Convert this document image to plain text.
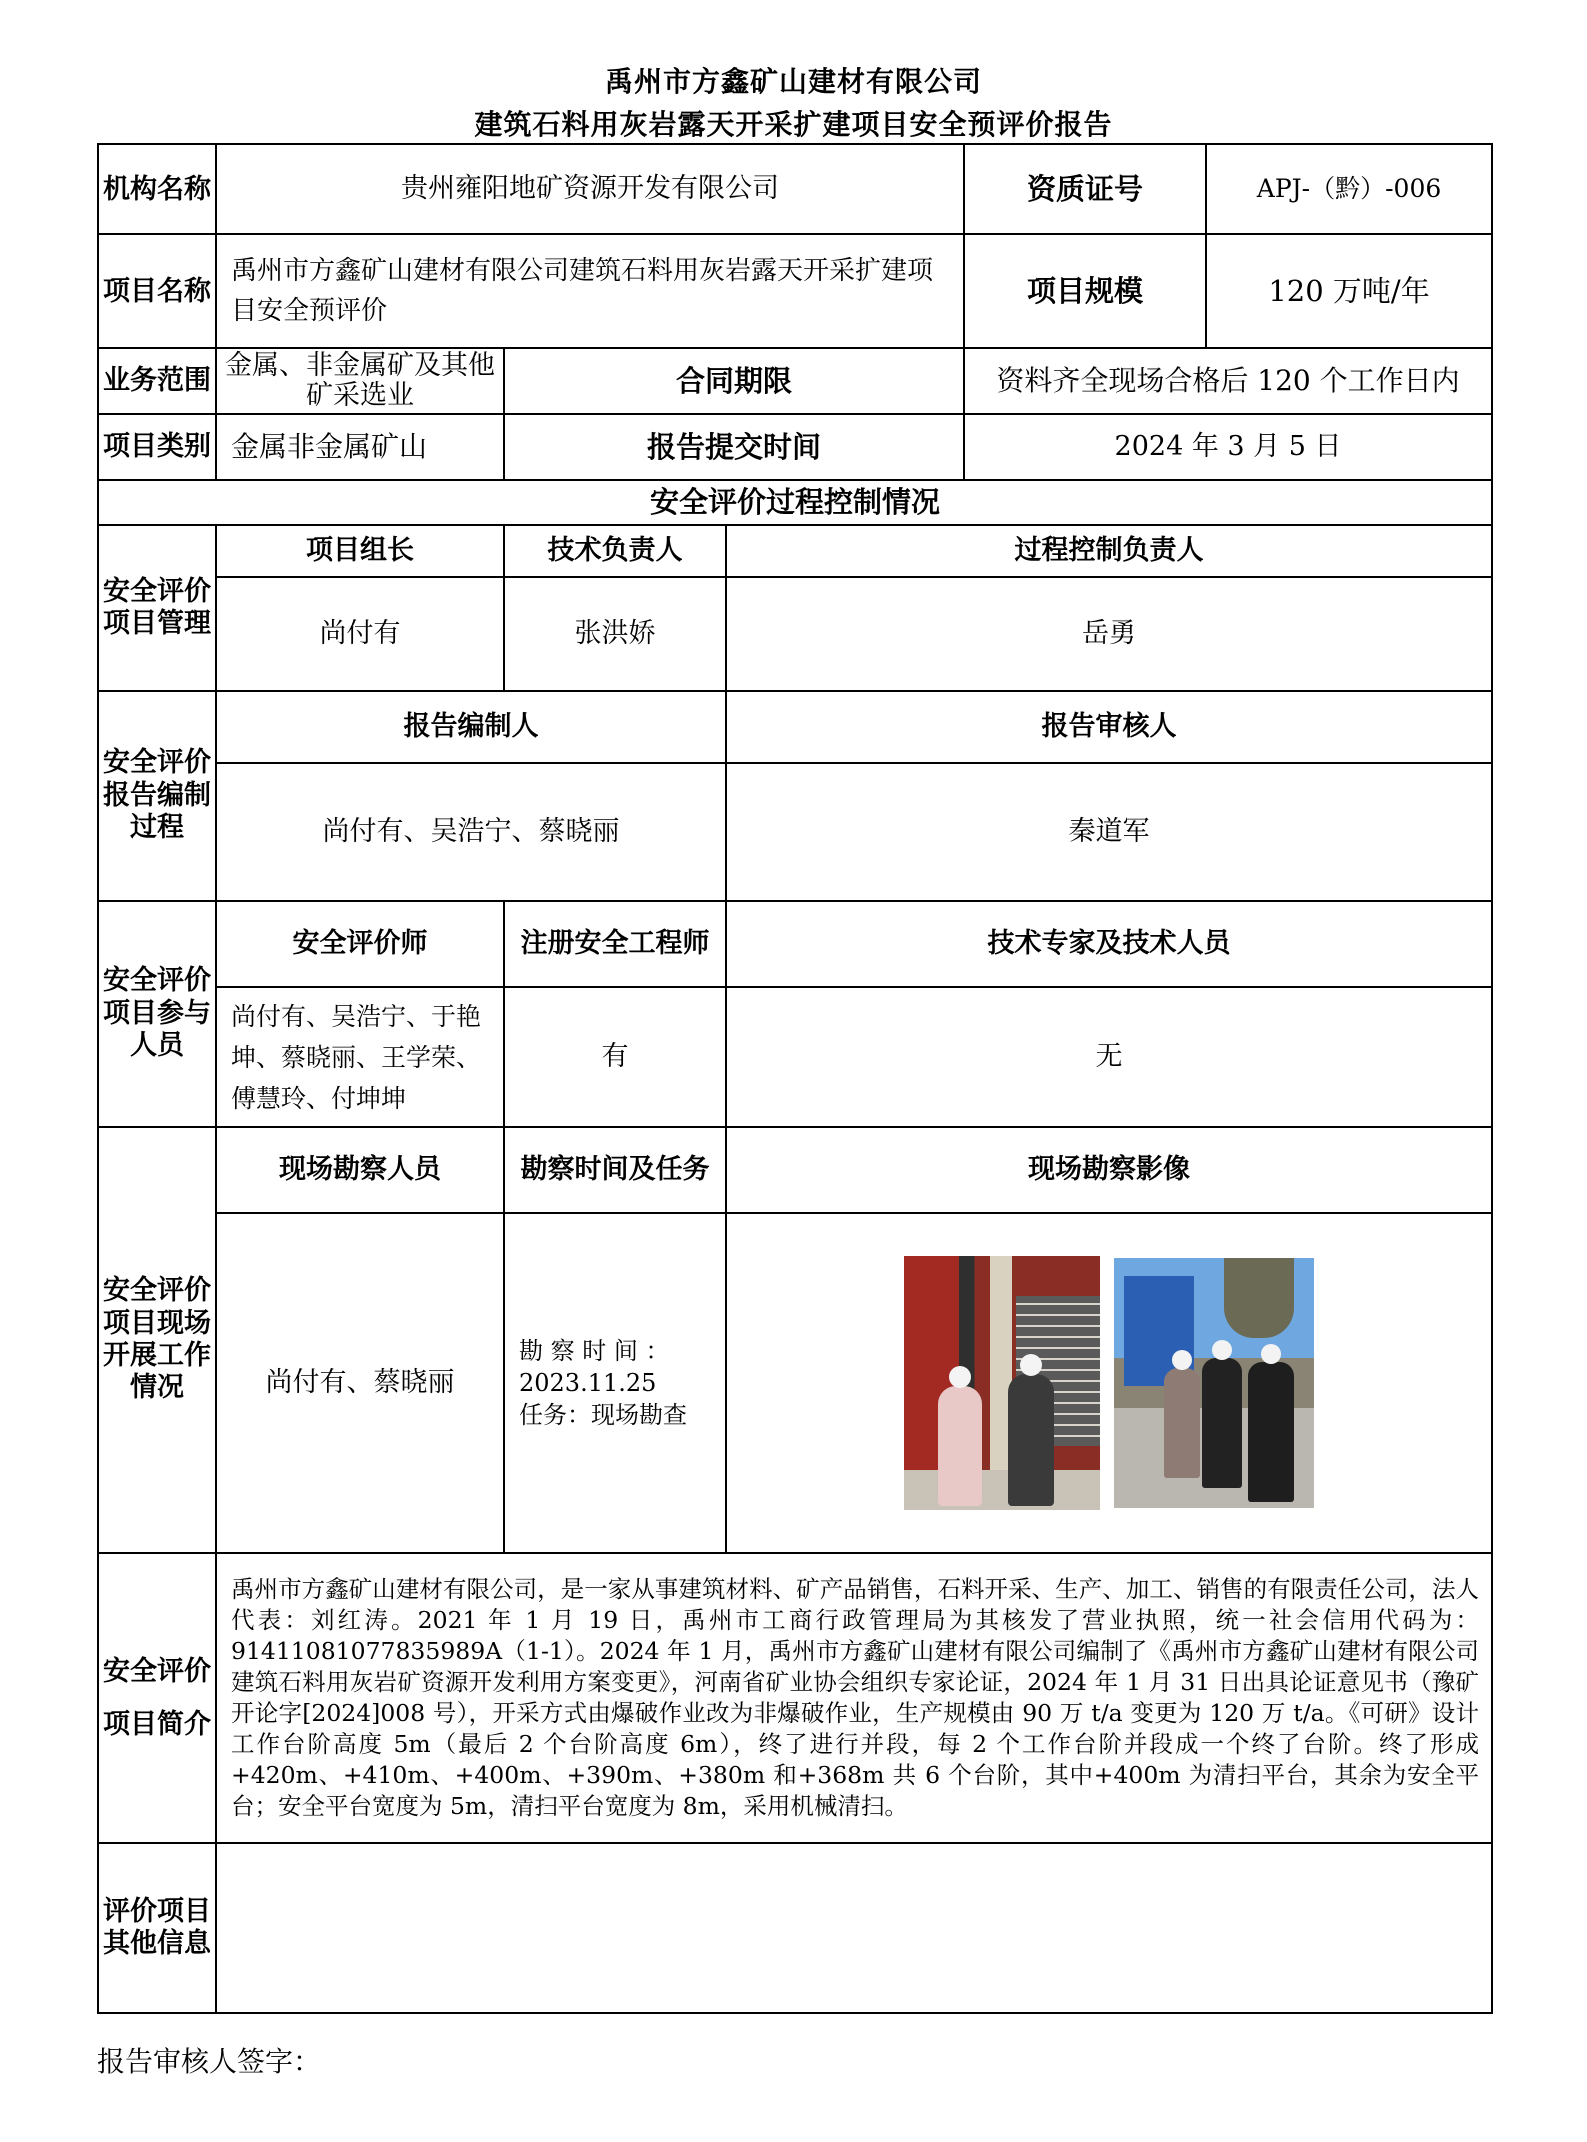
禹州市方鑫矿山建材有限公司
建筑石料用灰岩露天开采扩建项目安全预评价报告
机构名称	贵州雍阳地矿资源开发有限公司			资质证号 APJ-（黔）-006

项目名称	禹州市方鑫矿山建材有限公司建筑石料用灰岩露天开采扩建项目安全预评价			项目规模 120 万吨/年

业务范围	金属、非金属矿及其他矿采选业	合同期限		资料齐全现场合格后 120 个工作日内
项目类别	金属非金属矿山	报告提交时间		2024 年 3 月 5 日
安全评价过程控制情况				
安全评价项目管理	项目组长	技术负责人	过程控制负责人	
	尚付有	张洪娇	岳勇	
安全评价报告编制过程	报告编制人		报告审核人	
	尚付有、吴浩宁、蔡晓丽		秦道军	
安全评价项目参与人员	安全评价师	注册安全工程师	技术专家及技术人员	
	尚付有、吴浩宁、于艳坤、蔡晓丽、王学荣、傅慧玲、付坤坤	有	无	
安全评价项目现场开展工作情况	现场勘察人员	勘察时间及任务	现场勘察影像	
	尚付有、蔡晓丽	勘 察 时 间 ：
2023.11.25
任务：现场勘查		

安全评价项目简介	禹州市方鑫矿山建材有限公司，是一家从事建筑材料、矿产品销售，石料开采、生产、加工、销售的有限责任公司，法人代表：刘红涛。2021 年 1 月 19 日，禹州市工商行政管理局为其核发了营业执照，统一社会信用代码为：91411081077835989A（1-1）。2024 年 1 月，禹州市方鑫矿山建材有限公司编制了《禹州市方鑫矿山建材有限公司建筑石料用灰岩矿资源开发利用方案变更》，河南省矿业协会组织专家论证，2024 年 1 月 31 日出具论证意见书（豫矿开论字[2024]008 号），开采方式由爆破作业改为非爆破作业，生产规模由 90 万 t/a 变更为 120 万 t/a。《可研》设计工作台阶高度 5m（最后 2 个台阶高度 6m），终了进行并段，每 2 个工作台阶并段成一个终了台阶。终了形成+420m、+410m、+400m、+390m、+380m 和+368m 共 6 个台阶，其中+400m 为清扫平台，其余为安全平台；安全平台宽度为 5m，清扫平台宽度为 8m，采用机械清扫。			
评价项目其他信息				
报告审核人签字：
